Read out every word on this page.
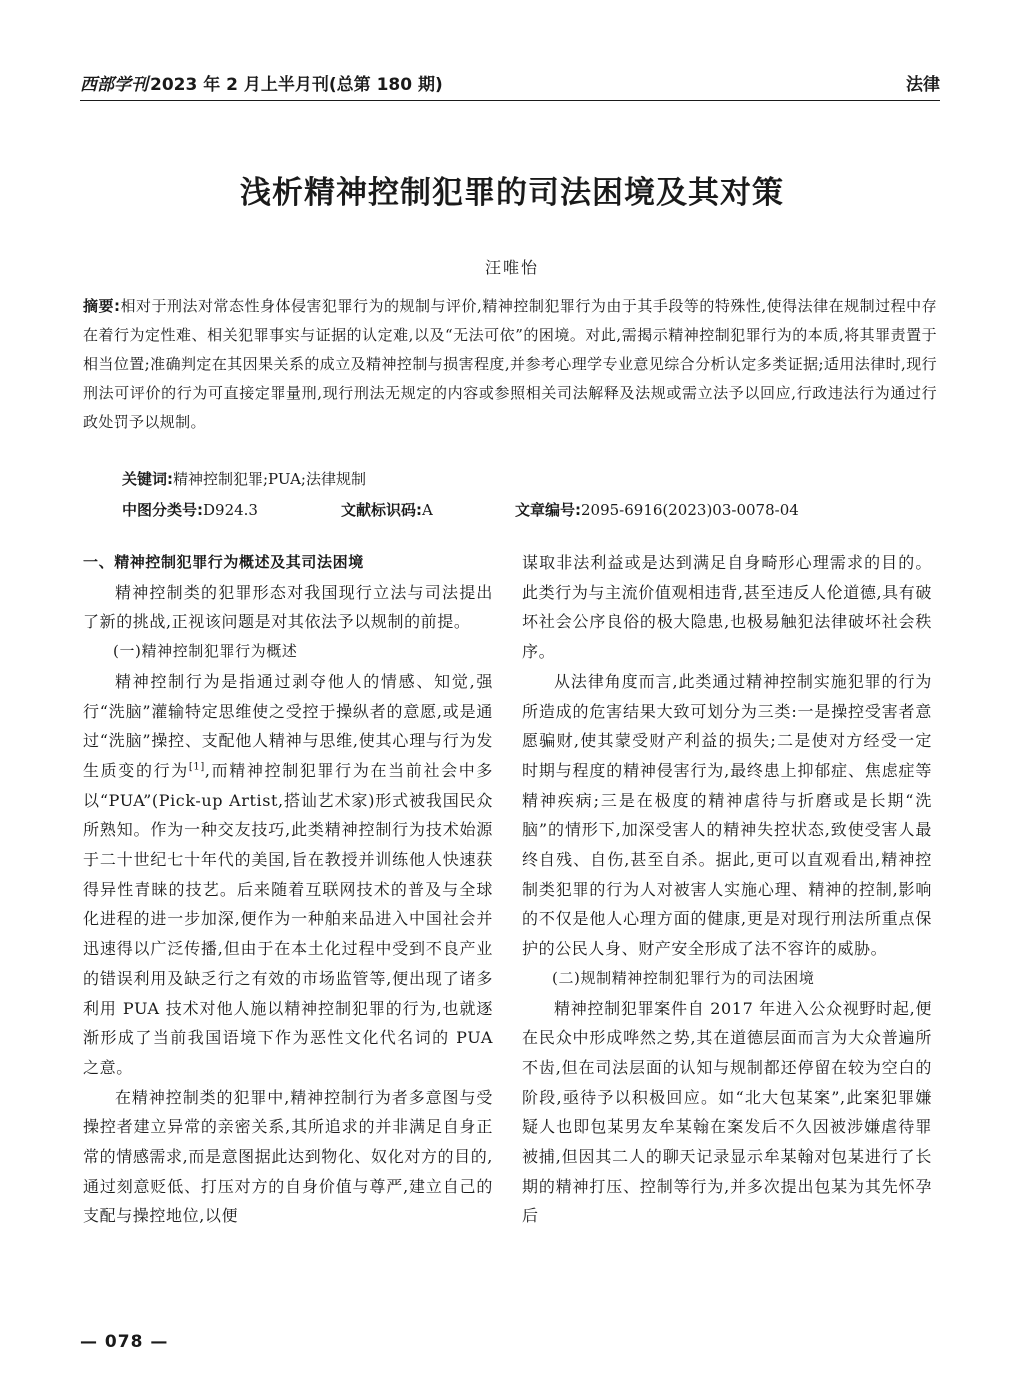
西部学刊 2023 年 2 月上半月刊(总第 180 期)	法律
浅析精神控制犯罪的司法困境及其对策
汪唯怡
摘要:相对于刑法对常态性身体侵害犯罪行为的规制与评价,精神控制犯罪行为由于其手段等的特殊性,使得法律在规制过程中存在着行为定性难、相关犯罪事实与证据的认定难,以及“无法可依”的困境。对此,需揭示精神控制犯罪行为的本质,将其罪责置于相当位置;准确判定在其因果关系的成立及精神控制与损害程度,并参考心理学专业意见综合分析认定多类证据;适用法律时,现行刑法可评价的行为可直接定罪量刑,现行刑法无规定的内容或参照相关司法解释及法规或需立法予以回应,行政违法行为通过行政处罚予以规制。
关键词:精神控制犯罪;PUA;法律规制
中图分类号:D924.3	文献标识码:A	文章编号:2095-6916(2023)03-0078-04

一、精神控制犯罪行为概述及其司法困境

精神控制类的犯罪形态对我国现行立法与司法提出了新的挑战,正视该问题是对其依法予以规制的前提。

(一)精神控制犯罪行为概述

精神控制行为是指通过剥夺他人的情感、知觉,强行“洗脑”灌输特定思维使之受控于操纵者的意愿,或是通过“洗脑”操控、支配他人精神与思维,使其心理与行为发生质变的行为[1],而精神控制犯罪行为在当前社会中多以“PUA”(Pick-up Artist,搭讪艺术家)形式被我国民众所熟知。作为一种交友技巧,此类精神控制行为技术始源于二十世纪七十年代的美国,旨在教授并训练他人快速获得异性青睐的技艺。后来随着互联网技术的普及与全球化进程的进一步加深,便作为一种舶来品进入中国社会并迅速得以广泛传播,但由于在本土化过程中受到不良产业的错误利用及缺乏行之有效的市场监管等,便出现了诸多利用 PUA 技术对他人施以精神控制犯罪的行为,也就逐渐形成了当前我国语境下作为恶性文化代名词的 PUA 之意。

在精神控制类的犯罪中,精神控制行为者多意图与受操控者建立异常的亲密关系,其所追求的并非满足自身正常的情感需求,而是意图据此达到物化、奴化对方的目的,通过刻意贬低、打压对方的自身价值与尊严,建立自己的支配与操控地位,以便

谋取非法利益或是达到满足自身畸形心理需求的目的。此类行为与主流价值观相违背,甚至违反人伦道德,具有破坏社会公序良俗的极大隐患,也极易触犯法律破坏社会秩序。

从法律角度而言,此类通过精神控制实施犯罪的行为所造成的危害结果大致可划分为三类:一是操控受害者意愿骗财,使其蒙受财产利益的损失;二是使对方经受一定时期与程度的精神侵害行为,最终患上抑郁症、焦虑症等精神疾病;三是在极度的精神虐待与折磨或是长期“洗脑”的情形下,加深受害人的精神失控状态,致使受害人最终自残、自伤,甚至自杀。据此,更可以直观看出,精神控制类犯罪的行为人对被害人实施心理、精神的控制,影响的不仅是他人心理方面的健康,更是对现行刑法所重点保护的公民人身、财产安全形成了法不容许的威胁。

(二)规制精神控制犯罪行为的司法困境

精神控制犯罪案件自 2017 年进入公众视野时起,便在民众中形成哗然之势,其在道德层面而言为大众普遍所不齿,但在司法层面的认知与规制都还停留在较为空白的阶段,亟待予以积极回应。如“北大包某案”,此案犯罪嫌疑人也即包某男友牟某翰在案发后不久因被涉嫌虐待罪被捕,但因其二人的聊天记录显示牟某翰对包某进行了长期的精神打压、控制等行为,并多次提出包某为其先怀孕后

— 078 —
